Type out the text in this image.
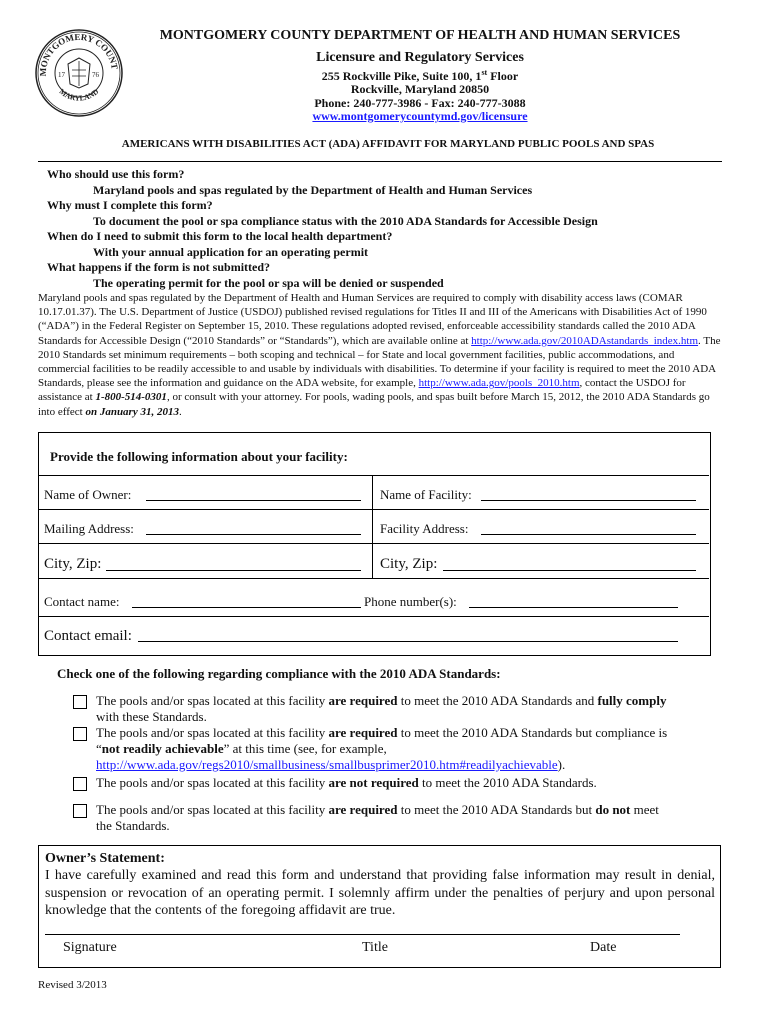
MONTGOMERY COUNT
MARYLAND
17	76
MONTGOMERY COUNTY DEPARTMENT OF HEALTH AND HUMAN SERVICES
Licensure and Regulatory Services
255 Rockville Pike, Suite 100, 1st Floor
Rockville, Maryland 20850
Phone: 240-777-3986 - Fax: 240-777-3088
www.montgomerycountymd.gov/licensure
AMERICANS WITH DISABILITIES ACT (ADA) AFFIDAVIT FOR MARYLAND PUBLIC POOLS AND SPAS
Who should use this form?
Maryland pools and spas regulated by the Department of Health and Human Services
Why must I complete this form?
To document the pool or spa compliance status with the 2010 ADA Standards for Accessible Design
When do I need to submit this form to the local health department?
With your annual application for an operating permit
What happens if the form is not submitted?
The operating permit for the pool or spa will be denied or suspended
Maryland pools and spas regulated by the Department of Health and Human Services are required to comply with disability access laws (COMAR 10.17.01.37). The U.S. Department of Justice (USDOJ) published revised regulations for Titles II and III of the Americans with Disabilities Act of 1990 (“ADA”) in the Federal Register on September 15, 2010. These regulations adopted revised, enforceable accessibility standards called the 2010 ADA Standards for Accessible Design (“2010 Standards” or “Standards”), which are available online at http://www.ada.gov/2010ADAstandards_index.htm. The 2010 Standards set minimum requirements – both scoping and technical – for State and local government facilities, public accommodations, and commercial facilities to be readily accessible to and usable by individuals with disabilities. To determine if your facility is required to meet the 2010 ADA Standards, please see the information and guidance on the ADA website, for example, http://www.ada.gov/pools_2010.htm, contact the USDOJ for assistance at 1-800-514-0301, or consult with your attorney. For pools, wading pools, and spas built before March 15, 2012, the 2010 ADA Standards go into effect on January 31, 2013.
Provide the following information about your facility:
Name of Owner:	Name of Facility:
Mailing Address:	Facility Address:
City, Zip:	City, Zip:
Contact name:	Phone number(s):
Contact email:
Check one of the following regarding compliance with the 2010 ADA Standards:
The pools and/or spas located at this facility are required to meet the 2010 ADA Standards and fully comply
with these Standards.
The pools and/or spas located at this facility are required to meet the 2010 ADA Standards but compliance is
“not readily achievable” at this time (see, for example,
http://www.ada.gov/regs2010/smallbusiness/smallbusprimer2010.htm#readilyachievable).
The pools and/or spas located at this facility are not required to meet the 2010 ADA Standards.
The pools and/or spas located at this facility are required to meet the 2010 ADA Standards but do not meet
the Standards.
Owner’s Statement:
I have carefully examined and read this form and understand that providing false information may result in denial, suspension or revocation of an operating permit. I solemnly affirm under the penalties of perjury and upon personal knowledge that the contents of the foregoing affidavit are true.
Signature	Title	Date
Revised 3/2013
